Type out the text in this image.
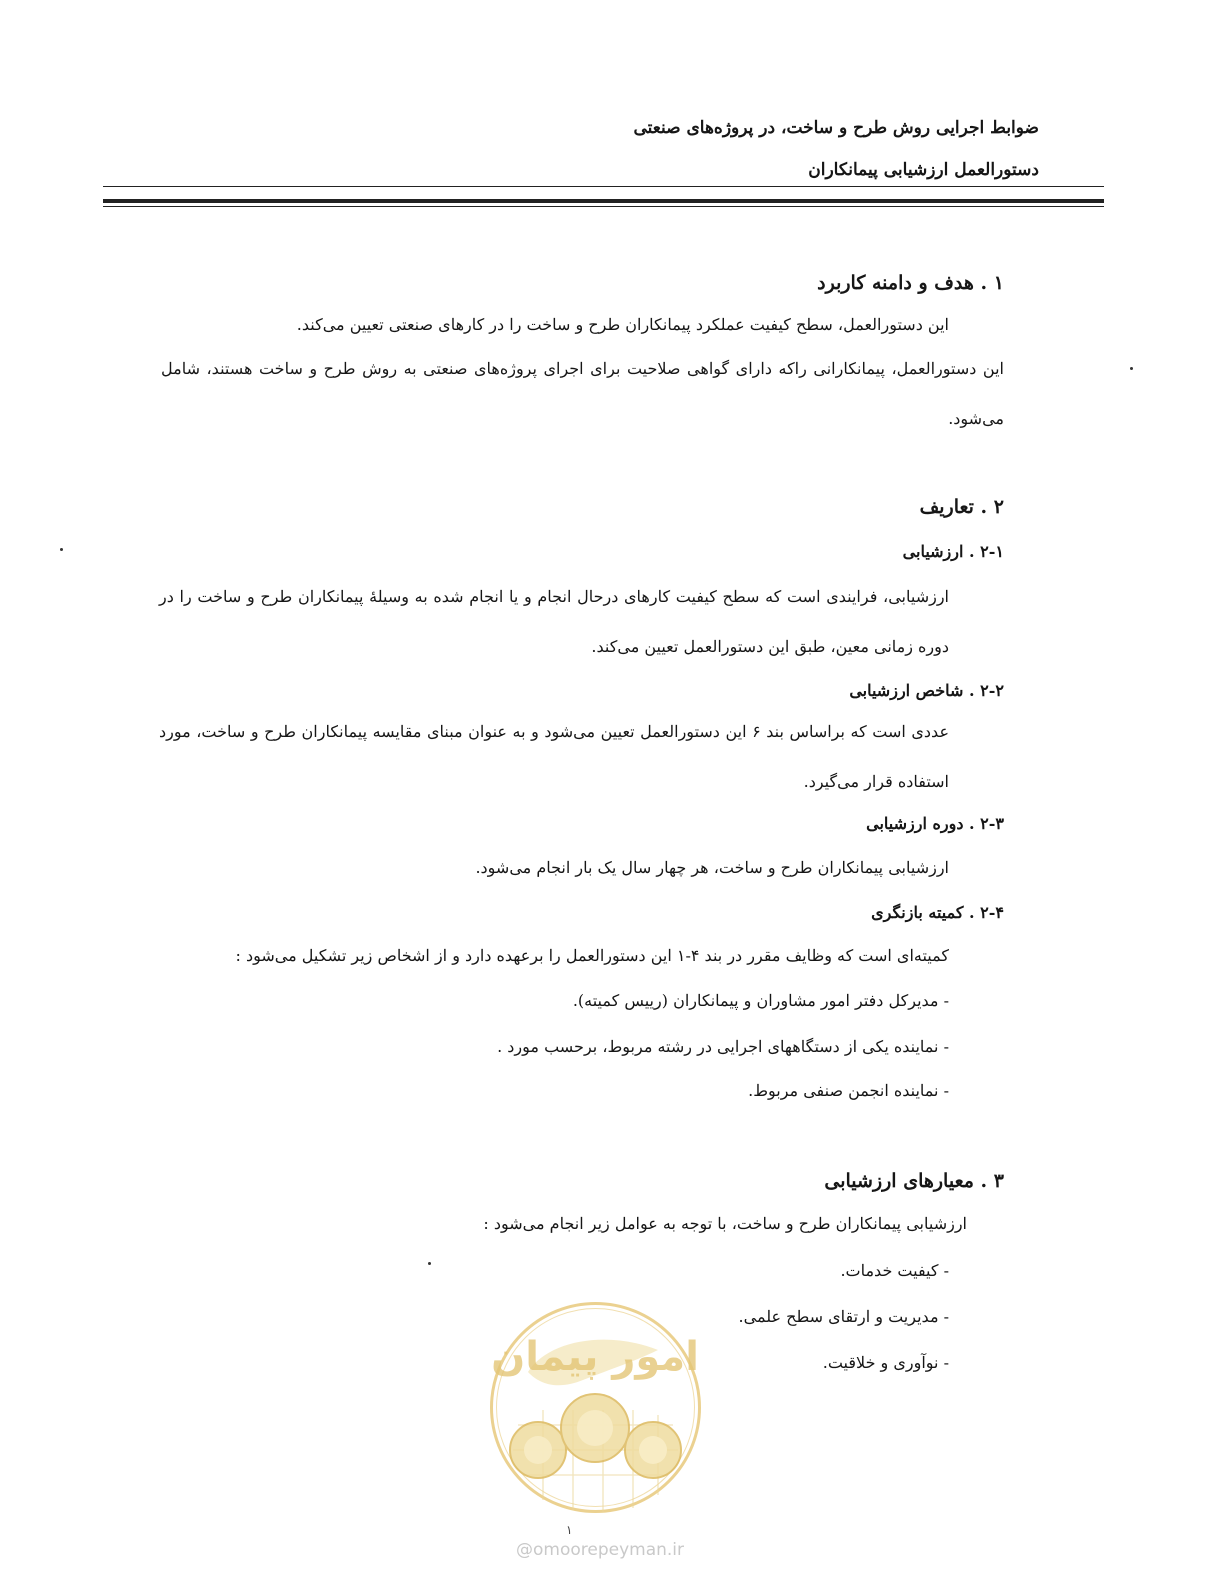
ضوابط اجرایی روش طرح و ساخت، در پروژه‌های صنعتی
دستورالعمل ارزشیابی پیمانکاران
۱ . هدف و دامنه کاربرد
این دستورالعمل، سطح کیفیت عملکرد پیمانکاران طرح و ساخت را در کارهای صنعتی تعیین می‌کند.
این دستورالعمل، پیمانکارانی راکه دارای گواهی صلاحیت برای اجرای پروژه‌های صنعتی به روش طرح و ساخت هستند، شامل می‌شود.
۲ . تعاریف
۲-۱ . ارزشیابی
ارزشیابی، فرایندی است که سطح کیفیت کارهای درحال انجام و یا انجام شده به وسیلهٔ پیمانکاران طرح و ساخت را در دوره زمانی معین، طبق این دستورالعمل تعیین می‌کند.
۲-۲ . شاخص ارزشیابی
عددی است که براساس بند ۶ این دستورالعمل تعیین می‌شود و به عنوان مبنای مقایسه پیمانکاران طرح و ساخت، مورد استفاده قرار می‌گیرد.
۲-۳ . دوره ارزشیابی
ارزشیابی پیمانکاران طرح و ساخت، هر چهار سال یک بار انجام می‌شود.
۲-۴ . کمیته بازنگری
کمیته‌ای است که وظایف مقرر در بند ۴-۱ این دستورالعمل را برعهده دارد و از اشخاص زیر تشکیل می‌شود :
- مدیرکل دفتر امور مشاوران و پیمانکاران (رییس کمیته).
- نماینده یکی از دستگاههای اجرایی در رشته مربوط، برحسب مورد .
- نماینده انجمن صنفی مربوط.
۳ . معیارهای ارزشیابی
ارزشیابی پیمانکاران طرح و ساخت، با توجه به عوامل زیر انجام می‌شود :
- کیفیت خدمات.
- مدیریت و ارتقای سطح علمی.
- نوآوری و خلاقیت.
امور پیمان
۱
@omoorepeyman.ir
